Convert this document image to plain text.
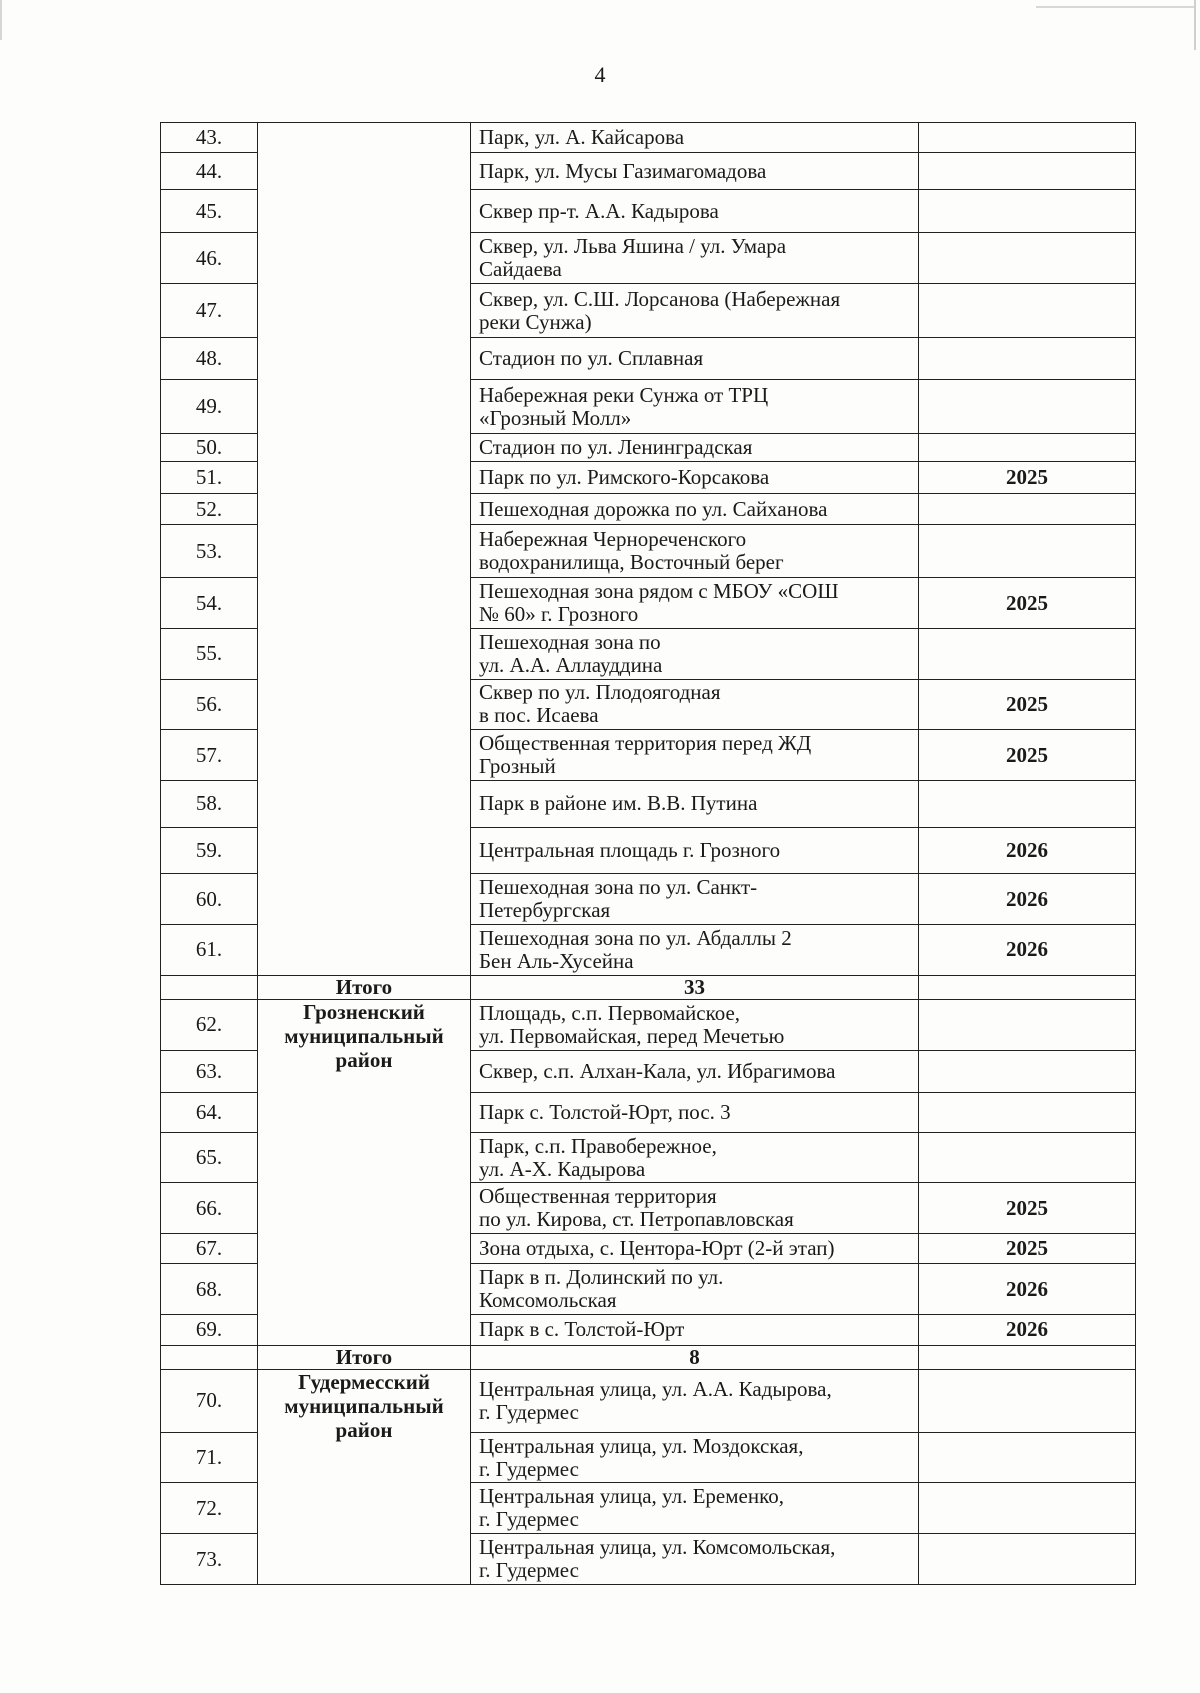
4
43.		Парк, ул. А. Кайсарова	
44.		Парк, ул. Мусы Газимагомадова	
45.		Сквер пр-т. А.А. Кадырова	
46.		Сквер, ул. Льва Яшина / ул. Умара
Сайдаева	
47.		Сквер, ул. С.Ш. Лорсанова (Набережная
реки Сунжа)	
48.		Стадион по ул. Сплавная	
49.		Набережная реки Сунжа от ТРЦ
«Грозный Молл»	
50.		Стадион по ул. Ленинградская	
51.		Парк по ул. Римского-Корсакова	2025
52.		Пешеходная дорожка по ул. Сайханова	
53.		Набережная Чернореченского
водохранилища, Восточный берег	
54.		Пешеходная зона рядом с МБОУ «СОШ
№ 60» г. Грозного	2025
55.		Пешеходная зона по
ул. А.А. Аллауддина	
56.		Сквер по ул. Плодоягодная
в пос. Исаева	2025
57.		Общественная территория перед ЖД
Грозный	2025
58.		Парк в районе им. В.В. Путина	
59.		Центральная площадь г. Грозного	2026
60.		Пешеходная зона по ул. Санкт-
Петербургская	2026
61.		Пешеходная зона по ул. Абдаллы 2
Бен Аль-Хусейна	2026
	Итого	33	
62.	Грозненский
муниципальный
район	Площадь, с.п. Первомайское,
ул. Первомайская, перед Мечетью	
63.		Сквер, с.п. Алхан-Кала, ул. Ибрагимова	
64.		Парк с. Толстой-Юрт, пос. 3	
65.		Парк, с.п. Правобережное,
ул. А-Х. Кадырова	
66.		Общественная территория
по ул. Кирова, ст. Петропавловская	2025
67.		Зона отдыха, с. Центора-Юрт (2-й этап)	2025
68.		Парк в п. Долинский по ул.
Комсомольская	2026
69.		Парк в с. Толстой-Юрт	2026
	Итого	8	
70.	Гудермесский
муниципальный
район	Центральная улица, ул. А.А. Кадырова,
г. Гудермес	
71.		Центральная улица, ул. Моздокская,
г. Гудермес	
72.		Центральная улица, ул. Еременко,
г. Гудермес	
73.		Центральная улица, ул. Комсомольская,
г. Гудермес	
